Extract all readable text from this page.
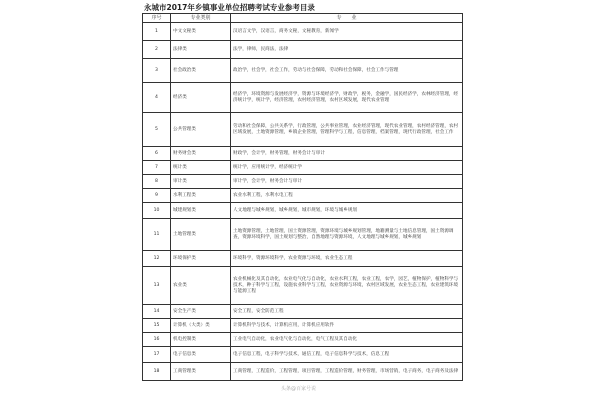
永城市2017年乡镇事业单位招聘考试专业参考目录
序号	专业类别	专　　业
1	中文文秘类	汉语言文学，汉语言，商务文秘，文秘教育，新闻学
2	法律类	法学，律师，民商法，法律
3	社会政治类	政治学，社会学，社会工作，劳动与社会保障，劳动和社会保障，社会工作与管理
4	经济类	经济学，环境资源与发展经济学，资源与环境经济学，财政学，税务，金融学，国民经济学，农林经济管理，经济统计学，统计学，经济管理，农村经济管理，农村区域发展，现代农业管理
5	公共管理类	劳动和社会保障，公共关系学，行政管理，公共事业管理，农业经济管理，现代农业管理，农村经济管理，农村区域发展，土地资源管理，乡镇企业管理，管理科学与工程，信息管理，档案管理，现代行政管理，社会工作
6	财务财会类	财政学，会计学，财务管理，财务会计与审计
7	统计类	统计学，应用统计学，经济统计学
8	审计类	审计学，会计学，财务会计与审计
9	水利工程类	农业水利工程，水利水电工程
10	城建规划类	人文地理与城乡规划，城乡规划，城市规划，环境与城乡规划
11	土地管理类	土地资源管理，土地管理，国土资源管理，资源环境与城乡规划管理，地籍测量与土地信息管理，国土资源调查，资源环境科学，国土规划与整治，自然地理与资源环境，人文地理与城乡规划，城乡规划
12	环境保护类	环境科学，资源环境科学，农业资源与环境，农业生态工程
13	农业类	农业机械化及其自动化，农业电气化与自动化，农业水利工程，农业工程，农学，园艺，植物保护，植物科学与技术，种子科学与工程，设施农业科学与工程，农业资源与环境，农村区域发展，农业生态工程，农业建筑环境与能源工程
14	安全生产类	安全工程，安全防范工程
15	计算机（大类）类	计算机科学与技术，计算机应用，计算机应用软件
16	机电控制类	工业电气自动化，农业电气化与自动化，电气工程及其自动化
17	电子信息类	电子信息工程，电子科学与技术，通信工程，电子信息科学与技术，信息工程
18	工商管理类	工商管理，工程造价，工程管理，项目管理，工程造价管理，财务管理，市场营销，电子商务，电子商务及法律
头条@百家号说
